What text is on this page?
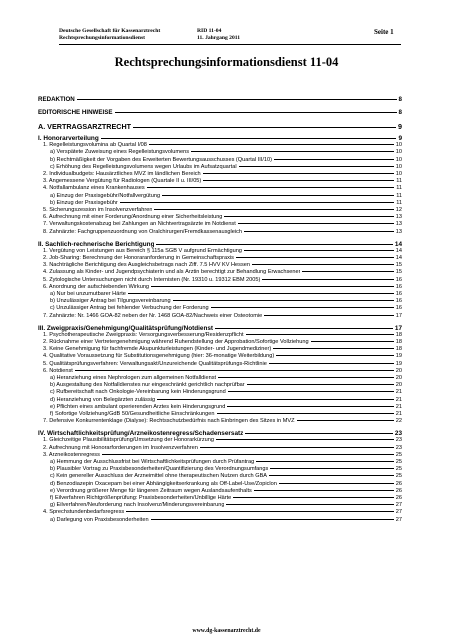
Deutsche Gesellschaft für Kassenarztrecht
Rechtsprechungsinformationsdienst
RID 11-04
11. Jahrgang 2011
Seite 1
Rechtsprechungsinformationsdienst 11-04
REDAKTION	8
EDITORISCHE HINWEISE	8
A. VERTRAGSARZTRECHT	9
I. Honorarverteilung	9
1. Regelleistungsvolumina ab Quartal I/08	10
a) Verspätete Zuweisung eines Regelleistungsvolumens	10
b) Rechtmäßigkeit der Vorgaben des Erweiterten Bewertungsausschusses (Quartal III/10)	10
c) Erhöhung des Regelleistungsvolumens wegen Urlaubs im Aufsatzquartal	10
2. Individualbudgets: Hausärztliches MVZ im ländlichen Bereich	10
3. Angemessene Vergütung für Radiologen (Quartale II u. III/05)	11
4. Notfallambulanz eines Krankenhauses	11
a) Einzug der Praxisgebühr/Notfallvergütung	11
b) Einzug der Praxisgebühr	11
5. Sicherungszession im Insolvenzverfahren	12
6. Aufrechnung mit einer Forderung/Anordnung einer Sicherheitsleistung	13
7. Verwaltungskostenabzug bei Zahlungen an Nichtvertragsärzte im Notdienst	13
8. Zahnärzte: Fachgruppenzuordnung von Oralchirurgen/Fremdkassenausgleich	13
II. Sachlich-rechnerische Berichtigung	14
1. Vergütung von Leistungen aus Bereich § 115a SGB V aufgrund Ermächtigung	14
2. Job-Sharing: Berechnung der Honoraranforderung in Gemeinschaftspraxis	14
3. Nachträgliche Berichtigung des Ausgleichsbetrags nach Ziff. 7.5 HVV KV Hessen	15
4. Zulassung als Kinder- und Jugendpsychiaterin und als Ärztin berechtigt zur Behandlung Erwachsener	15
5. Zytologische Untersuchungen nicht durch Internisten (Nr. 19310 u. 19312 EBM 2005)	16
6. Anordnung der aufschiebenden Wirkung	16
a) Nur bei unzumutbarer Härte	16
b) Unzulässiger Antrag bei Tilgungsvereinbarung	16
c) Unzulässiger Antrag bei fehlender Verbuchung der Forderung	16
7. Zahnärzte: Nr. 1466 GOÄ-82 neben der Nr. 1468 GOÄ-82/Nachweis einer Osteotomie	17
III. Zweigpraxis/Genehmigung/Qualitätsprüfung/Notdienst	17
1. Psychotherapeutische Zweigpraxis: Versorgungsverbesserung/Residenzpflicht	18
2. Rücknahme einer Vertretergenehmigung während Ruhendstellung der Approbation/Sofortige Vollziehung	18
3. Keine Genehmigung für fachfremde Akupunkturleistungen (Kinder- und Jugendmediziner)	18
4. Qualitative Voraussetzung für Substitutionsgenehmigung (hier: 36-monatige Weiterbildung)	19
5. Qualitätsprüfungsverfahren: Verwaltungsakt/Unzureichende Qualitätsprüfungs-Richtlinie	19
6. Notdienst	20
a) Heranziehung eines Nephrologen zum allgemeinen Notfalldienst	20
b) Ausgestaltung des Notfalldienstes nur eingeschränkt gerichtlich nachprüfbar	20
c) Rufbereitschaft nach Onkologie-Vereinbarung kein Hinderungsgrund	21
d) Heranziehung von Belegärzten zulässig	21
e) Pflichten eines ambulant operierenden Arztes kein Hinderungsgrund	21
f) Sofortige Vollziehung/GdB 50/Gesundheitliche Einschränkungen	21
7. Defensive Konkurrentenklage (Dialyse): Rechtsschutzbedürfnis nach Einbringen des Sitzes in MVZ	22
IV. Wirtschaftlichkeitsprüfung/Arzneikostenregress/Schadensersatz	23
1. Gleichzeitige Plausibilitätsprüfung/Umsetzung der Honorarkürzung	23
2. Aufrechnung mit Honorarforderungen im Insolvenzverfahren	23
3. Arzneikostenregress	25
a) Hemmung der Ausschlussfrist bei Wirtschaftlichkeitsprüfungen durch Prüfantrag	25
b) Plausibler Vortrag zu Praxisbesonderheiten/Quantifizierung des Verordnungsumfangs	25
c) Kein genereller Ausschluss der Arzneimittel ohne therapeutischen Nutzen durch GBA	25
d) Benzodiazepin Oxacepam bei einer Abhängigkeitserkrankung als Off-Label-Use/Zopiclon	26
e) Verordnung größerer Menge für längeren Zeitraum wegen Auslandsaufenthalts	26
f) Eilverfahren Richtgrößenprüfung: Praxisbesonderheiten/Unbillige Härte	26
g) Eilverfahren/Neuforderung nach Insolvenz/Minderungsvereinbarung	27
4. Sprechstundenbedarfsregress	27
a) Darlegung von Praxisbesonderheiten	27
www.dg-kassenarztrecht.de
